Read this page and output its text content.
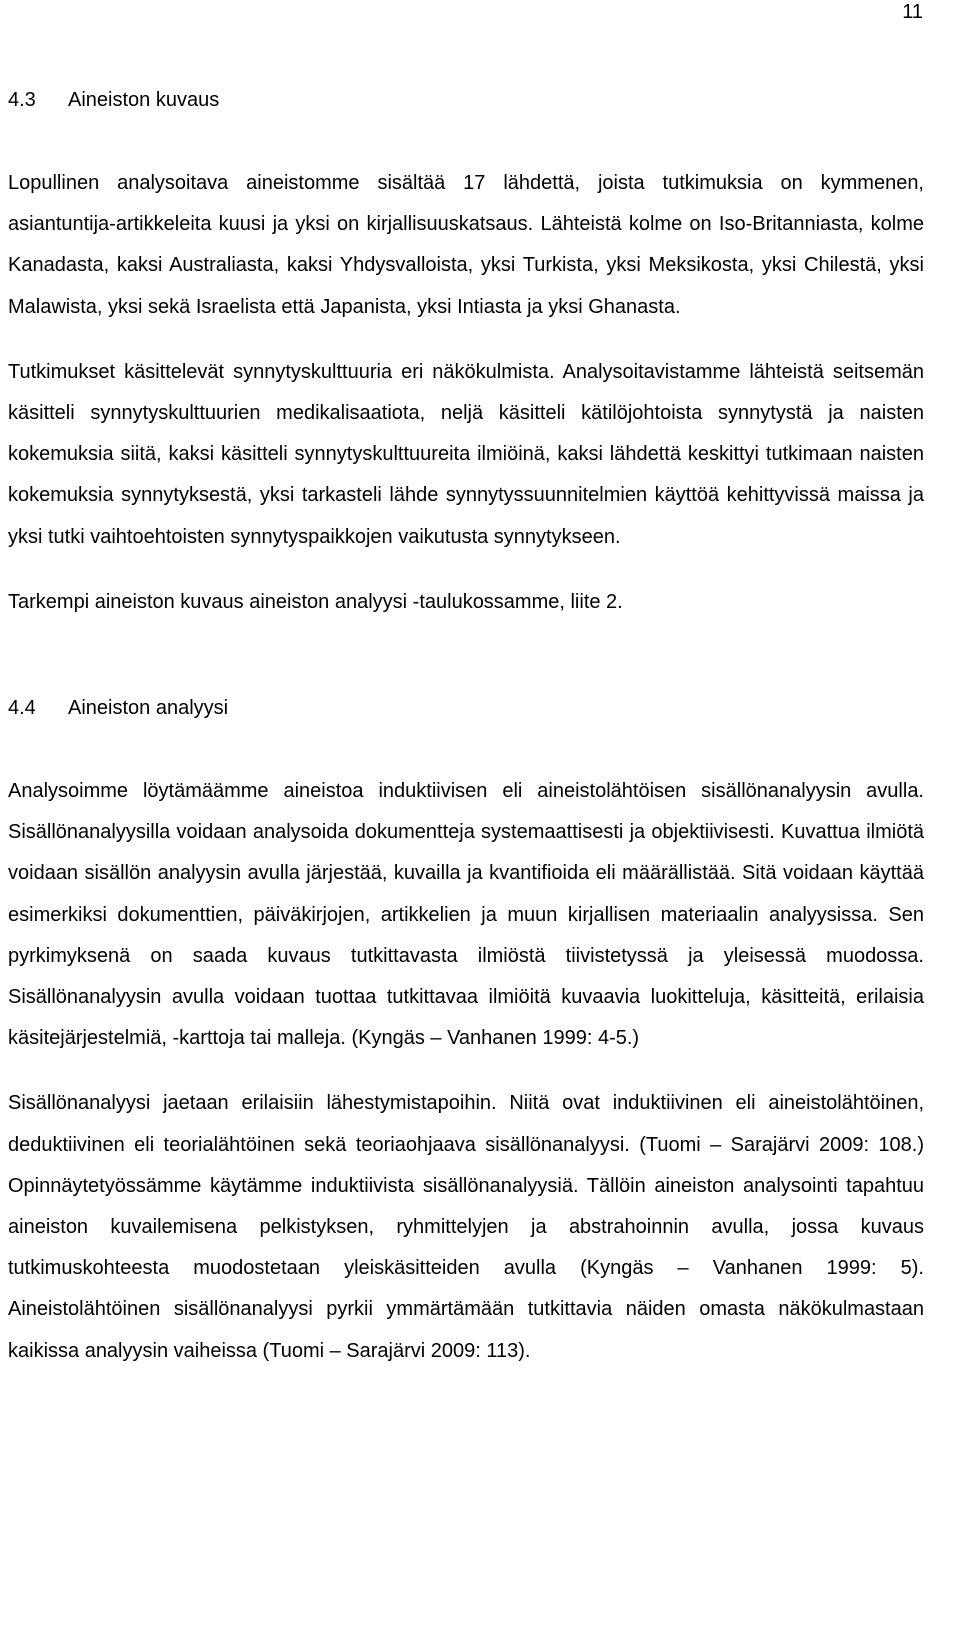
11
4.3	Aineiston kuvaus

Lopullinen analysoitava aineistomme sisältää 17 lähdettä, joista tutkimuksia on kymmenen, asiantuntija-artikkeleita kuusi ja yksi on kirjallisuuskatsaus. Lähteistä kolme on Iso-Britanniasta, kolme Kanadasta, kaksi Australiasta, kaksi Yhdysvalloista, yksi Turkista, yksi Meksikosta, yksi Chilestä, yksi Malawista, yksi sekä Israelista että Japanista, yksi Intiasta ja yksi Ghanasta.

Tutkimukset käsittelevät synnytyskulttuuria eri näkökulmista. Analysoitavistamme lähteistä seitsemän käsitteli synnytyskulttuurien medikalisaatiota, neljä käsitteli kätilöjohtoista synnytystä ja naisten kokemuksia siitä, kaksi käsitteli synnytyskulttuureita ilmiöinä, kaksi lähdettä keskittyi tutkimaan naisten kokemuksia synnytyksestä, yksi tarkasteli lähde synnytyssuunnitelmien käyttöä kehittyvissä maissa ja yksi tutki vaihtoehtoisten synnytyspaikkojen vaikutusta synnytykseen.

Tarkempi aineiston kuvaus aineiston analyysi -taulukossamme, liite 2.

4.4	Aineiston analyysi

Analysoimme löytämäämme aineistoa induktiivisen eli aineistolähtöisen sisällönanalyysin avulla. Sisällönanalyysilla voidaan analysoida dokumentteja systemaattisesti ja objektiivisesti. Kuvattua ilmiötä voidaan sisällön analyysin avulla järjestää, kuvailla ja kvantifioida eli määrällistää. Sitä voidaan käyttää esimerkiksi dokumenttien, päiväkirjojen, artikkelien ja muun kirjallisen materiaalin analyysissa. Sen pyrkimyksenä on saada kuvaus tutkittavasta ilmiöstä tiivistetyssä ja yleisessä muodossa. Sisällönanalyysin avulla voidaan tuottaa tutkittavaa ilmiöitä kuvaavia luokitteluja, käsitteitä, erilaisia käsitejärjestelmiä, -karttoja tai malleja. (Kyngäs – Vanhanen 1999: 4-5.)

Sisällönanalyysi jaetaan erilaisiin lähestymistapoihin. Niitä ovat induktiivinen eli aineistolähtöinen, deduktiivinen eli teorialähtöinen sekä teoriaohjaava sisällönanalyysi. (Tuomi – Sarajärvi 2009: 108.) Opinnäytetyössämme käytämme induktiivista sisällönanalyysiä. Tällöin aineiston analysointi tapahtuu aineiston kuvailemisena pelkistyksen, ryhmittelyjen ja abstrahoinnin avulla, jossa kuvaus tutkimuskohteesta muodostetaan yleiskäsitteiden avulla (Kyngäs – Vanhanen 1999: 5). Aineistolähtöinen sisällönanalyysi pyrkii ymmärtämään tutkittavia näiden omasta näkökulmastaan kaikissa analyysin vaiheissa (Tuomi – Sarajärvi 2009: 113).
